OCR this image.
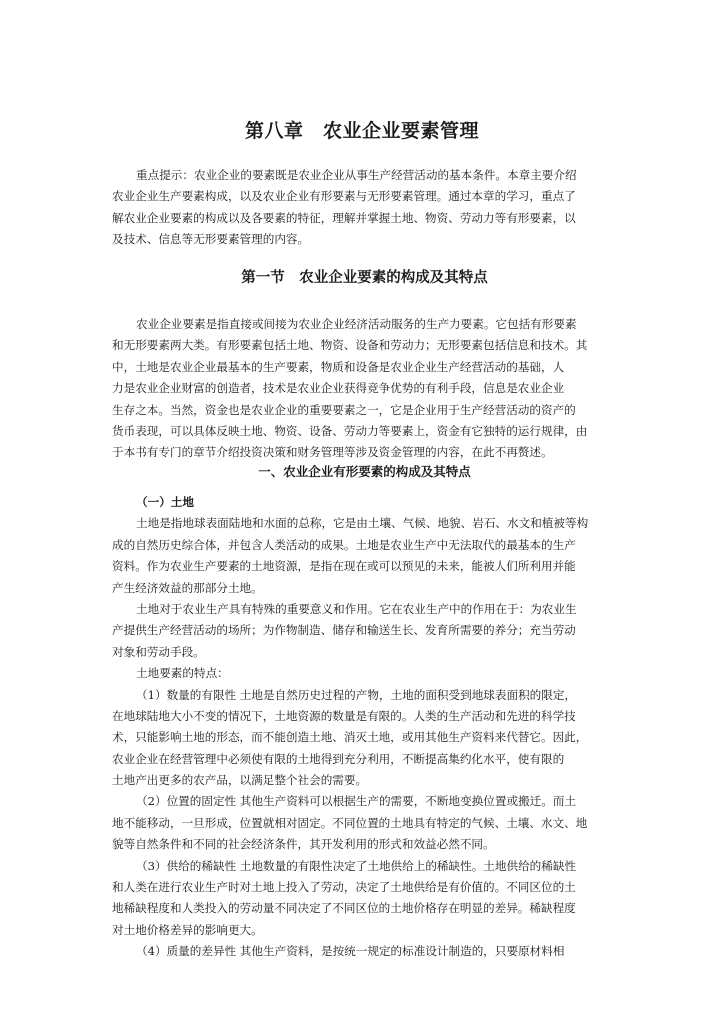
第八章　农业企业要素管理
重点提示：农业企业的要素既是农业企业从事生产经营活动的基本条件。本章主要介绍
农业企业生产要素构成，以及农业企业有形要素与无形要素管理。通过本章的学习，重点了
解农业企业要素的构成以及各要素的特征，理解并掌握土地、物资、劳动力等有形要素，以
及技术、信息等无形要素管理的内容。
第一节　农业企业要素的构成及其特点
农业企业要素是指直接或间接为农业企业经济活动服务的生产力要素。它包括有形要素
和无形要素两大类。有形要素包括土地、物资、设备和劳动力；无形要素包括信息和技术。其
中，土地是农业企业最基本的生产要素，物质和设备是农业企业生产经营活动的基础，人
力是农业企业财富的创造者，技术是农业企业获得竞争优势的有利手段，信息是农业企业
生存之本。当然，资金也是农业企业的重要要素之一，它是企业用于生产经营活动的资产的
货币表现，可以具体反映土地、物资、设备、劳动力等要素上，资金有它独特的运行规律，由
于本书有专门的章节介绍投资决策和财务管理等涉及资金管理的内容，在此不再赘述。
一、农业企业有形要素的构成及其特点
（一）土地
土地是指地球表面陆地和水面的总称，它是由土壤、气候、地貌、岩石、水文和植被等构
成的自然历史综合体，并包含人类活动的成果。土地是农业生产中无法取代的最基本的生产
资料。作为农业生产要素的土地资源，是指在现在或可以预见的未来，能被人们所利用并能
产生经济效益的那部分土地。
土地对于农业生产具有特殊的重要意义和作用。它在农业生产中的作用在于：为农业生
产提供生产经营活动的场所；为作物制造、储存和输送生长、发育所需要的养分；充当劳动
对象和劳动手段。
土地要素的特点：
（1）数量的有限性 土地是自然历史过程的产物，土地的面积受到地球表面积的限定，
在地球陆地大小不变的情况下，土地资源的数量是有限的。人类的生产活动和先进的科学技
术，只能影响土地的形态，而不能创造土地、消灭土地，或用其他生产资料来代替它。因此，
农业企业在经营管理中必须使有限的土地得到充分利用，不断提高集约化水平，使有限的
土地产出更多的农产品，以满足整个社会的需要。
（2）位置的固定性 其他生产资料可以根据生产的需要，不断地变换位置或搬迁。而土
地不能移动，一旦形成，位置就相对固定。不同位置的土地具有特定的气候、土壤、水文、地
貌等自然条件和不同的社会经济条件，其开发利用的形式和效益必然不同。
（3）供给的稀缺性 土地数量的有限性决定了土地供给上的稀缺性。土地供给的稀缺性
和人类在进行农业生产时对土地上投入了劳动，决定了土地供给是有价值的。不同区位的土
地稀缺程度和人类投入的劳动量不同决定了不同区位的土地价格存在明显的差异。稀缺程度
对土地价格差异的影响更大。
（4）质量的差异性 其他生产资料，是按统一规定的标准设计制造的，只要原材料相
